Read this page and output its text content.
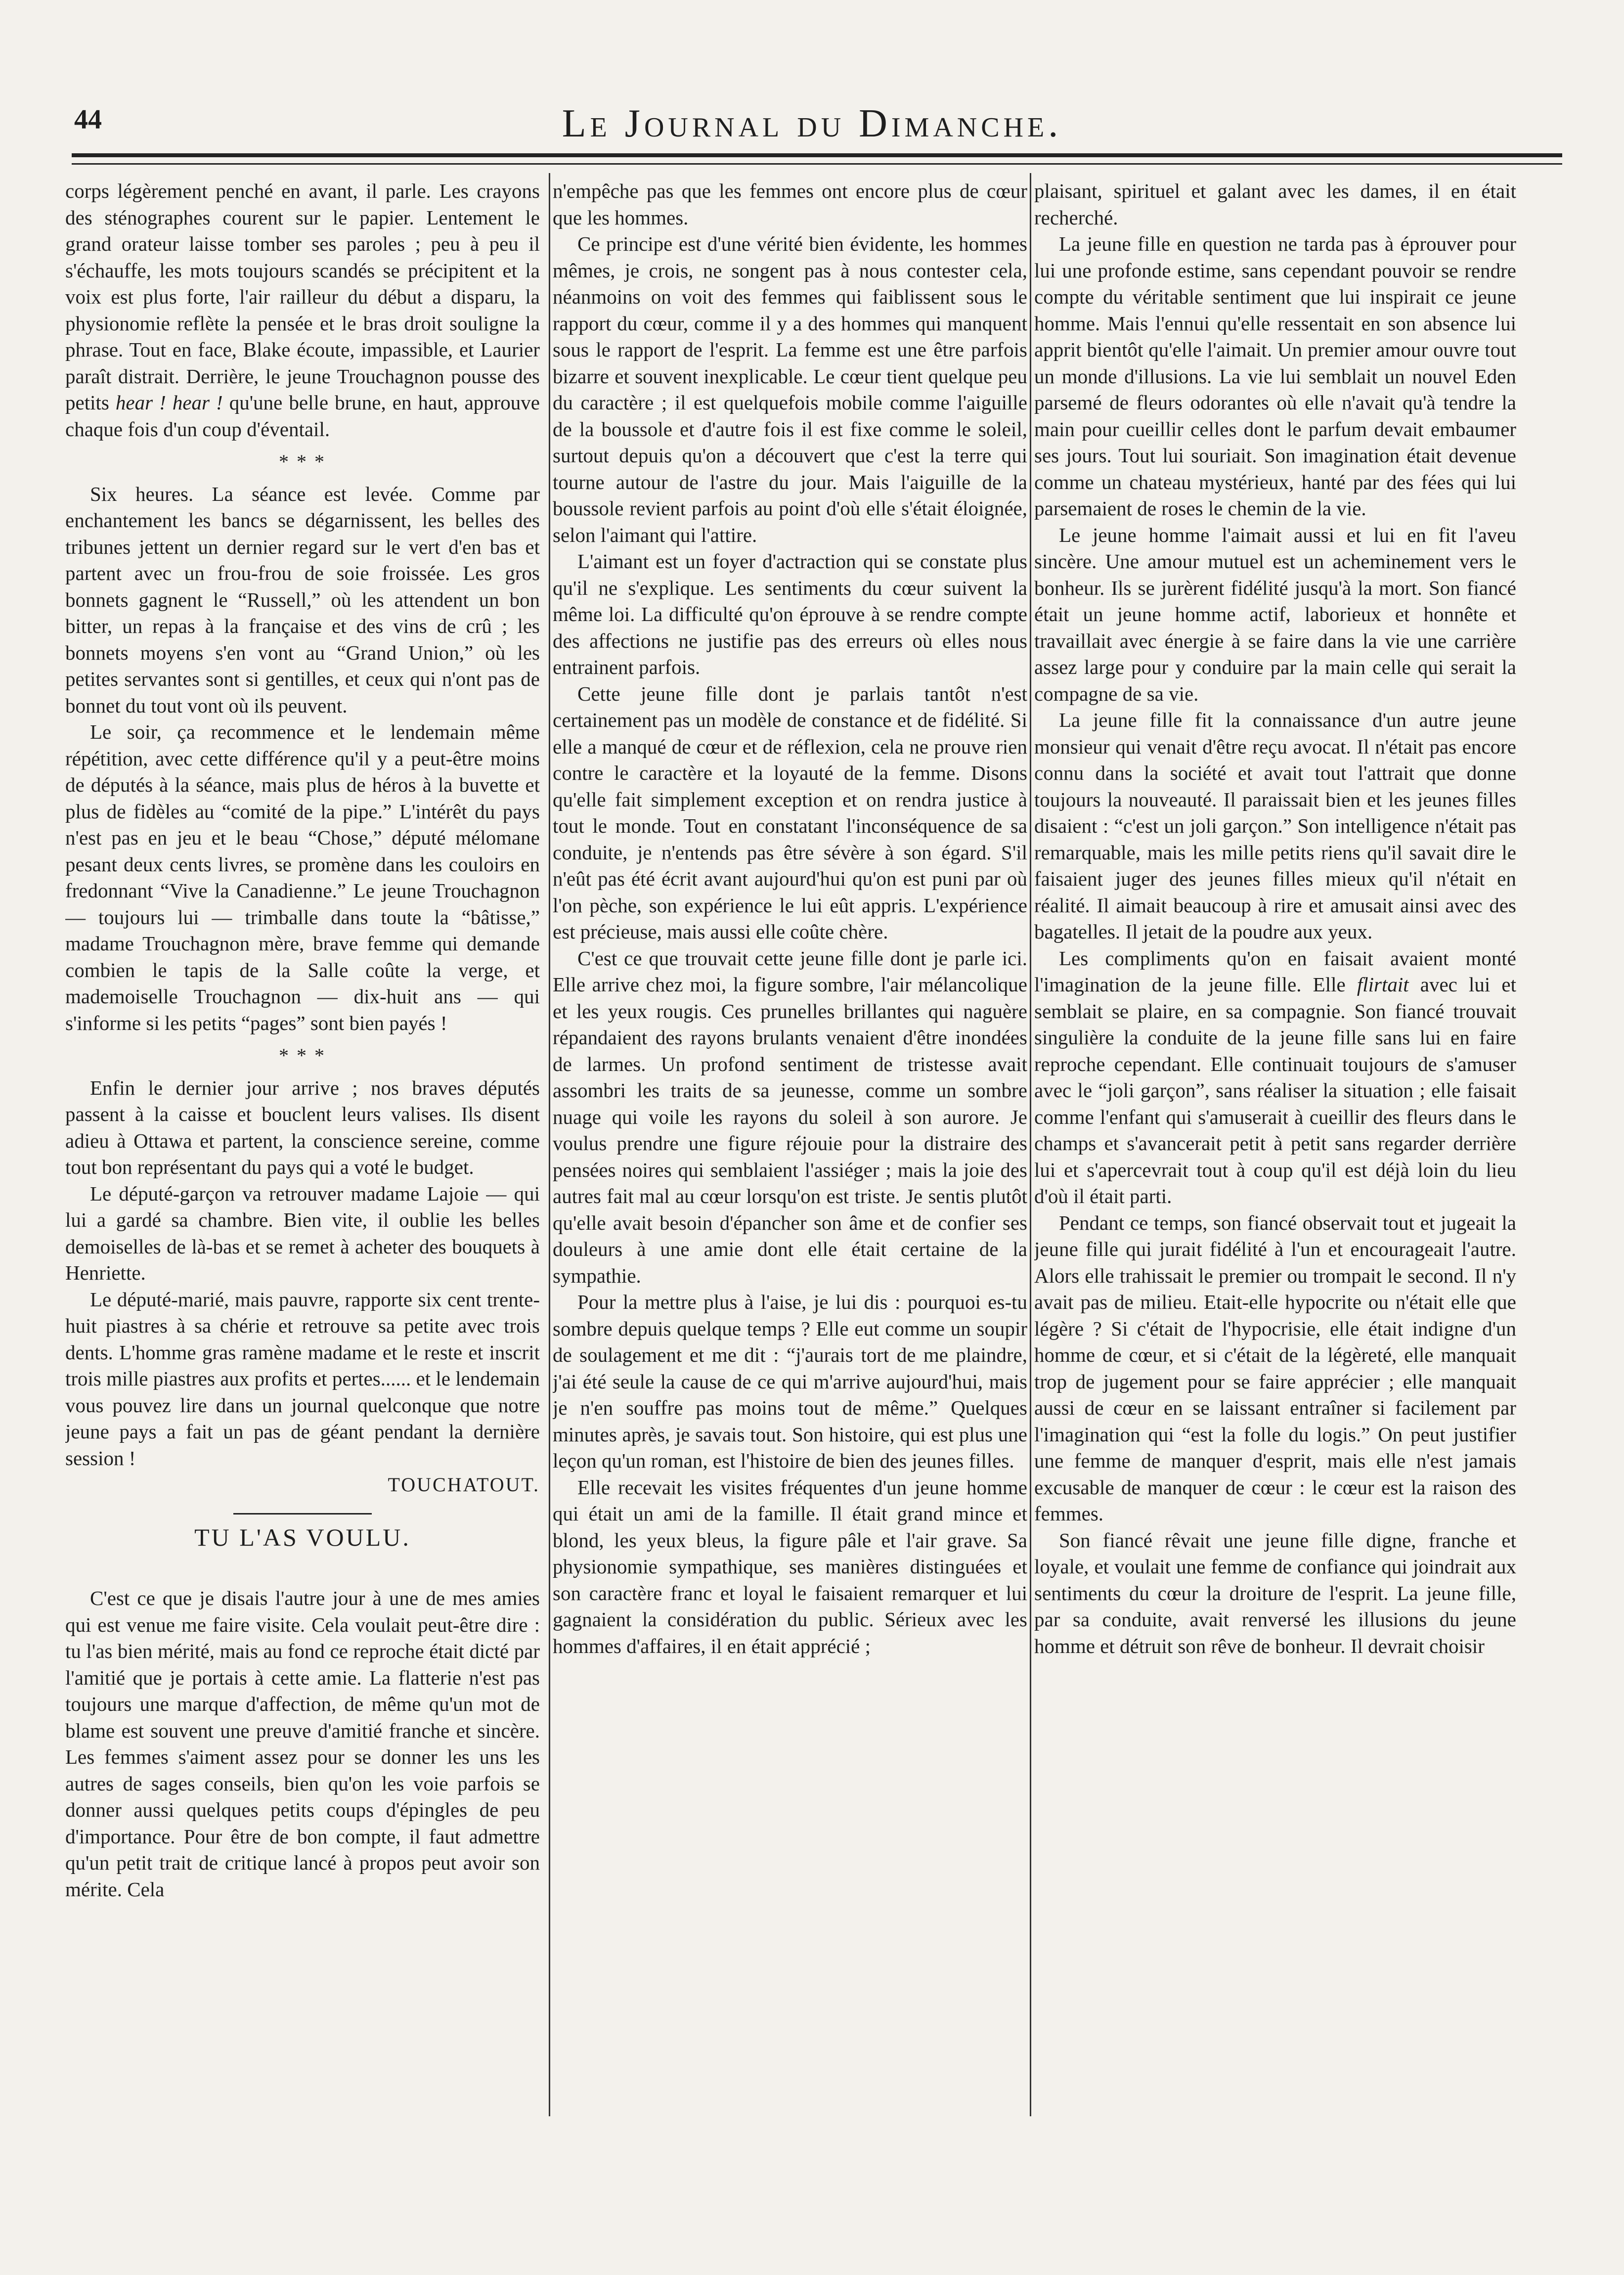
44	Le Journal du Dimanche.

corps légèrement penché en avant, il parle. Les crayons des sténographes courent sur le papier. Lentement le grand orateur laisse tomber ses paroles ; peu à peu il s'échauffe, les mots toujours scandés se précipitent et la voix est plus forte, l'air railleur du début a disparu, la physionomie reflète la pensée et le bras droit souligne la phrase. Tout en face, Blake écoute, impassible, et Laurier paraît distrait. Derrière, le jeune Trouchagnon pousse des petits hear ! hear ! qu'une belle brune, en haut, approuve chaque fois d'un coup d'éventail.

* * *

Six heures. La séance est levée. Comme par enchantement les bancs se dégarnissent, les belles des tribunes jettent un dernier regard sur le vert d'en bas et partent avec un frou-frou de soie froissée. Les gros bonnets gagnent le “Russell,” où les attendent un bon bitter, un repas à la française et des vins de crû ; les bonnets moyens s'en vont au “Grand Union,” où les petites servantes sont si gentilles, et ceux qui n'ont pas de bonnet du tout vont où ils peuvent.

Le soir, ça recommence et le lendemain même répétition, avec cette différence qu'il y a peut-être moins de députés à la séance, mais plus de héros à la buvette et plus de fidèles au “comité de la pipe.” L'intérêt du pays n'est pas en jeu et le beau “Chose,” député mélomane pesant deux cents livres, se promène dans les couloirs en fredonnant “Vive la Canadienne.” Le jeune Trouchagnon — toujours lui — trimballe dans toute la “bâtisse,” madame Trouchagnon mère, brave femme qui demande combien le tapis de la Salle coûte la verge, et mademoiselle Trouchagnon — dix-huit ans — qui s'informe si les petits “pages” sont bien payés !

* * *

Enfin le dernier jour arrive ; nos braves députés passent à la caisse et bouclent leurs valises. Ils disent adieu à Ottawa et partent, la conscience sereine, comme tout bon représentant du pays qui a voté le budget.

Le député-garçon va retrouver madame Lajoie — qui lui a gardé sa chambre. Bien vite, il oublie les belles demoiselles de là-bas et se remet à acheter des bouquets à Henriette.

Le député-marié, mais pauvre, rapporte six cent trente-huit piastres à sa chérie et retrouve sa petite avec trois dents. L'homme gras ramène madame et le reste et inscrit trois mille piastres aux profits et pertes...... et le lendemain vous pouvez lire dans un journal quelconque que notre jeune pays a fait un pas de géant pendant la dernière session !

TOUCHATOUT.

TU L'AS VOULU.

C'est ce que je disais l'autre jour à une de mes amies qui est venue me faire visite. Cela voulait peut-être dire : tu l'as bien mérité, mais au fond ce reproche était dicté par l'amitié que je portais à cette amie. La flatterie n'est pas toujours une marque d'affection, de même qu'un mot de blame est souvent une preuve d'amitié franche et sincère. Les femmes s'aiment assez pour se donner les uns les autres de sages conseils, bien qu'on les voie parfois se donner aussi quelques petits coups d'épingles de peu d'importance. Pour être de bon compte, il faut admettre qu'un petit trait de critique lancé à propos peut avoir son mérite. Cela

n'empêche pas que les femmes ont encore plus de cœur que les hommes.

Ce principe est d'une vérité bien évidente, les hommes mêmes, je crois, ne songent pas à nous contester cela, néanmoins on voit des femmes qui faiblissent sous le rapport du cœur, comme il y a des hommes qui manquent sous le rapport de l'esprit. La femme est une être parfois bizarre et souvent inexplicable. Le cœur tient quelque peu du caractère ; il est quelquefois mobile comme l'aiguille de la boussole et d'autre fois il est fixe comme le soleil, surtout depuis qu'on a découvert que c'est la terre qui tourne autour de l'astre du jour. Mais l'aiguille de la boussole revient parfois au point d'où elle s'était éloignée, selon l'aimant qui l'attire.

L'aimant est un foyer d'actraction qui se constate plus qu'il ne s'explique. Les sentiments du cœur suivent la même loi. La difficulté qu'on éprouve à se rendre compte des affections ne justifie pas des erreurs où elles nous entrainent parfois.

Cette jeune fille dont je parlais tantôt n'est certainement pas un modèle de constance et de fidélité. Si elle a manqué de cœur et de réflexion, cela ne prouve rien contre le caractère et la loyauté de la femme. Disons qu'elle fait simplement exception et on rendra justice à tout le monde. Tout en constatant l'inconséquence de sa conduite, je n'entends pas être sévère à son égard. S'il n'eût pas été écrit avant aujourd'hui qu'on est puni par où l'on pèche, son expérience le lui eût appris. L'expérience est précieuse, mais aussi elle coûte chère.

C'est ce que trouvait cette jeune fille dont je parle ici. Elle arrive chez moi, la figure sombre, l'air mélancolique et les yeux rougis. Ces prunelles brillantes qui naguère répandaient des rayons brulants venaient d'être inondées de larmes. Un profond sentiment de tristesse avait assombri les traits de sa jeunesse, comme un sombre nuage qui voile les rayons du soleil à son aurore. Je voulus prendre une figure réjouie pour la distraire des pensées noires qui semblaient l'assiéger ; mais la joie des autres fait mal au cœur lorsqu'on est triste. Je sentis plutôt qu'elle avait besoin d'épancher son âme et de confier ses douleurs à une amie dont elle était certaine de la sympathie.

Pour la mettre plus à l'aise, je lui dis : pourquoi es-tu sombre depuis quelque temps ? Elle eut comme un soupir de soulagement et me dit : “j'aurais tort de me plaindre, j'ai été seule la cause de ce qui m'arrive aujourd'hui, mais je n'en souffre pas moins tout de même.” Quelques minutes après, je savais tout. Son histoire, qui est plus une leçon qu'un roman, est l'histoire de bien des jeunes filles.

Elle recevait les visites fréquentes d'un jeune homme qui était un ami de la famille. Il était grand mince et blond, les yeux bleus, la figure pâle et l'air grave. Sa physionomie sympathique, ses manières distinguées et son caractère franc et loyal le faisaient remarquer et lui gagnaient la considération du public. Sérieux avec les hommes d'affaires, il en était apprécié ;

plaisant, spirituel et galant avec les dames, il en était recherché.

La jeune fille en question ne tarda pas à éprouver pour lui une profonde estime, sans cependant pouvoir se rendre compte du véritable sentiment que lui inspirait ce jeune homme. Mais l'ennui qu'elle ressentait en son absence lui apprit bientôt qu'elle l'aimait. Un premier amour ouvre tout un monde d'illusions. La vie lui semblait un nouvel Eden parsemé de fleurs odorantes où elle n'avait qu'à tendre la main pour cueillir celles dont le parfum devait embaumer ses jours. Tout lui souriait. Son imagination était devenue comme un chateau mystérieux, hanté par des fées qui lui parsemaient de roses le chemin de la vie.

Le jeune homme l'aimait aussi et lui en fit l'aveu sincère. Une amour mutuel est un acheminement vers le bonheur. Ils se jurèrent fidélité jusqu'à la mort. Son fiancé était un jeune homme actif, laborieux et honnête et travaillait avec énergie à se faire dans la vie une carrière assez large pour y conduire par la main celle qui serait la compagne de sa vie.

La jeune fille fit la connaissance d'un autre jeune monsieur qui venait d'être reçu avocat. Il n'était pas encore connu dans la société et avait tout l'attrait que donne toujours la nouveauté. Il paraissait bien et les jeunes filles disaient : “c'est un joli garçon.” Son intelligence n'était pas remarquable, mais les mille petits riens qu'il savait dire le faisaient juger des jeunes filles mieux qu'il n'était en réalité. Il aimait beaucoup à rire et amusait ainsi avec des bagatelles. Il jetait de la poudre aux yeux.

Les compliments qu'on en faisait avaient monté l'imagination de la jeune fille. Elle flirtait avec lui et semblait se plaire, en sa compagnie. Son fiancé trouvait singulière la conduite de la jeune fille sans lui en faire reproche cependant. Elle continuait toujours de s'amuser avec le “joli garçon”, sans réaliser la situation ; elle faisait comme l'enfant qui s'amuserait à cueillir des fleurs dans le champs et s'avancerait petit à petit sans regarder derrière lui et s'apercevrait tout à coup qu'il est déjà loin du lieu d'où il était parti.

Pendant ce temps, son fiancé observait tout et jugeait la jeune fille qui jurait fidélité à l'un et encourageait l'autre. Alors elle trahissait le premier ou trompait le second. Il n'y avait pas de milieu. Etait-elle hypocrite ou n'était elle que légère ? Si c'était de l'hypocrisie, elle était indigne d'un homme de cœur, et si c'était de la légèreté, elle manquait trop de jugement pour se faire apprécier ; elle manquait aussi de cœur en se laissant entraîner si facilement par l'imagination qui “est la folle du logis.” On peut justifier une femme de manquer d'esprit, mais elle n'est jamais excusable de manquer de cœur : le cœur est la raison des femmes.

Son fiancé rêvait une jeune fille digne, franche et loyale, et voulait une femme de confiance qui joindrait aux sentiments du cœur la droiture de l'esprit. La jeune fille, par sa conduite, avait renversé les illusions du jeune homme et détruit son rêve de bonheur. Il devrait choisir
